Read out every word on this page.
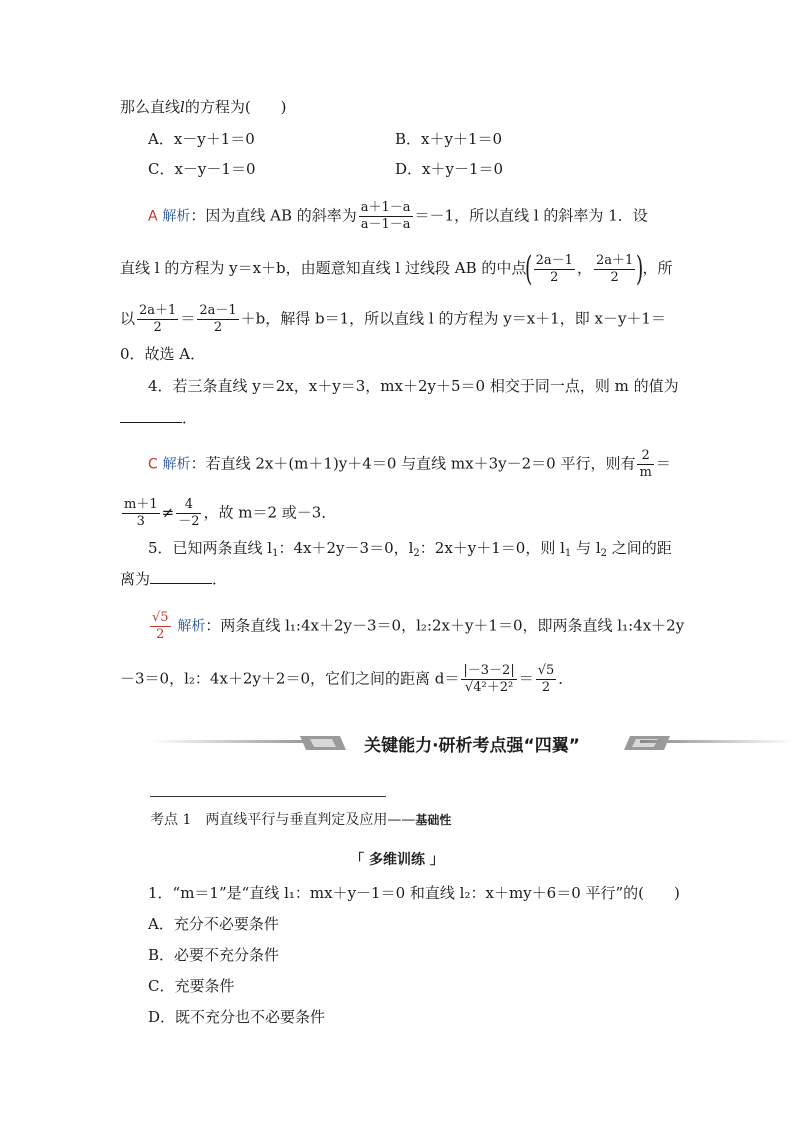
那么直线l的方程为(　　)
A．x－y＋1＝0	B．x＋y＋1＝0
C．x－y－1＝0	D．x＋y－1＝0
A 解析：因为直线 AB 的斜率为 $\frac{a+1-a}{a-1-a} =-1$，所以直线 l 的斜率为 1．设
直线 l 的方程为 y＝x＋b，由题意知直线 l 过线段 AB 的中点( $\frac{2a-1}{2}$ ， $\frac{2a+1}{2}$ )，所
以 $\frac{2a+1}{2} = \frac{2a-1}{2} +b$，解得 b＝1，所以直线 l 的方程为 y＝x＋1，即 x－y＋1＝
0．故选 A．
4．若三条直线 y＝2x，x＋y＝3，mx＋2y＋5＝0 相交于同一点，则 m 的值为
．
C 解析：若直线 2x＋(m＋1)y＋4＝0 与直线 mx＋3y－2＝0 平行，则有 $\frac{2}{m}$ ＝
$\frac{m+1}{3} \ne \frac{4}{-2}$ ，故 m＝2 或－3．
5．已知两条直线 $l_1$：4x＋2y－3＝0，$l_2$：2x＋y＋1＝0，则 $l_1$ 与 $l_2$ 之间的距
离为	．
$\frac{√5}{2}$ 解析：两条直线 l₁:4x＋2y－3＝0，l₂:2x＋y＋1＝0，即两条直线 l₁:4x＋2y
－3＝0，l₂：4x＋2y＋2＝0，它们之间的距离 $d= \frac{|-3-2|}{\text{√4²＋2²}} = \frac{√5}{2}$ ．
关键能力·研析考点强“四翼”
考点 1　两直线平行与垂直判定及应用——基础性
「 多维训练 」
1．“m＝1”是“直线 l₁：mx＋y－1＝0 和直线 l₂：x＋my＋6＝0 平行”的(　　)
A．充分不必要条件
B．必要不充分条件
C．充要条件
D．既不充分也不必要条件
